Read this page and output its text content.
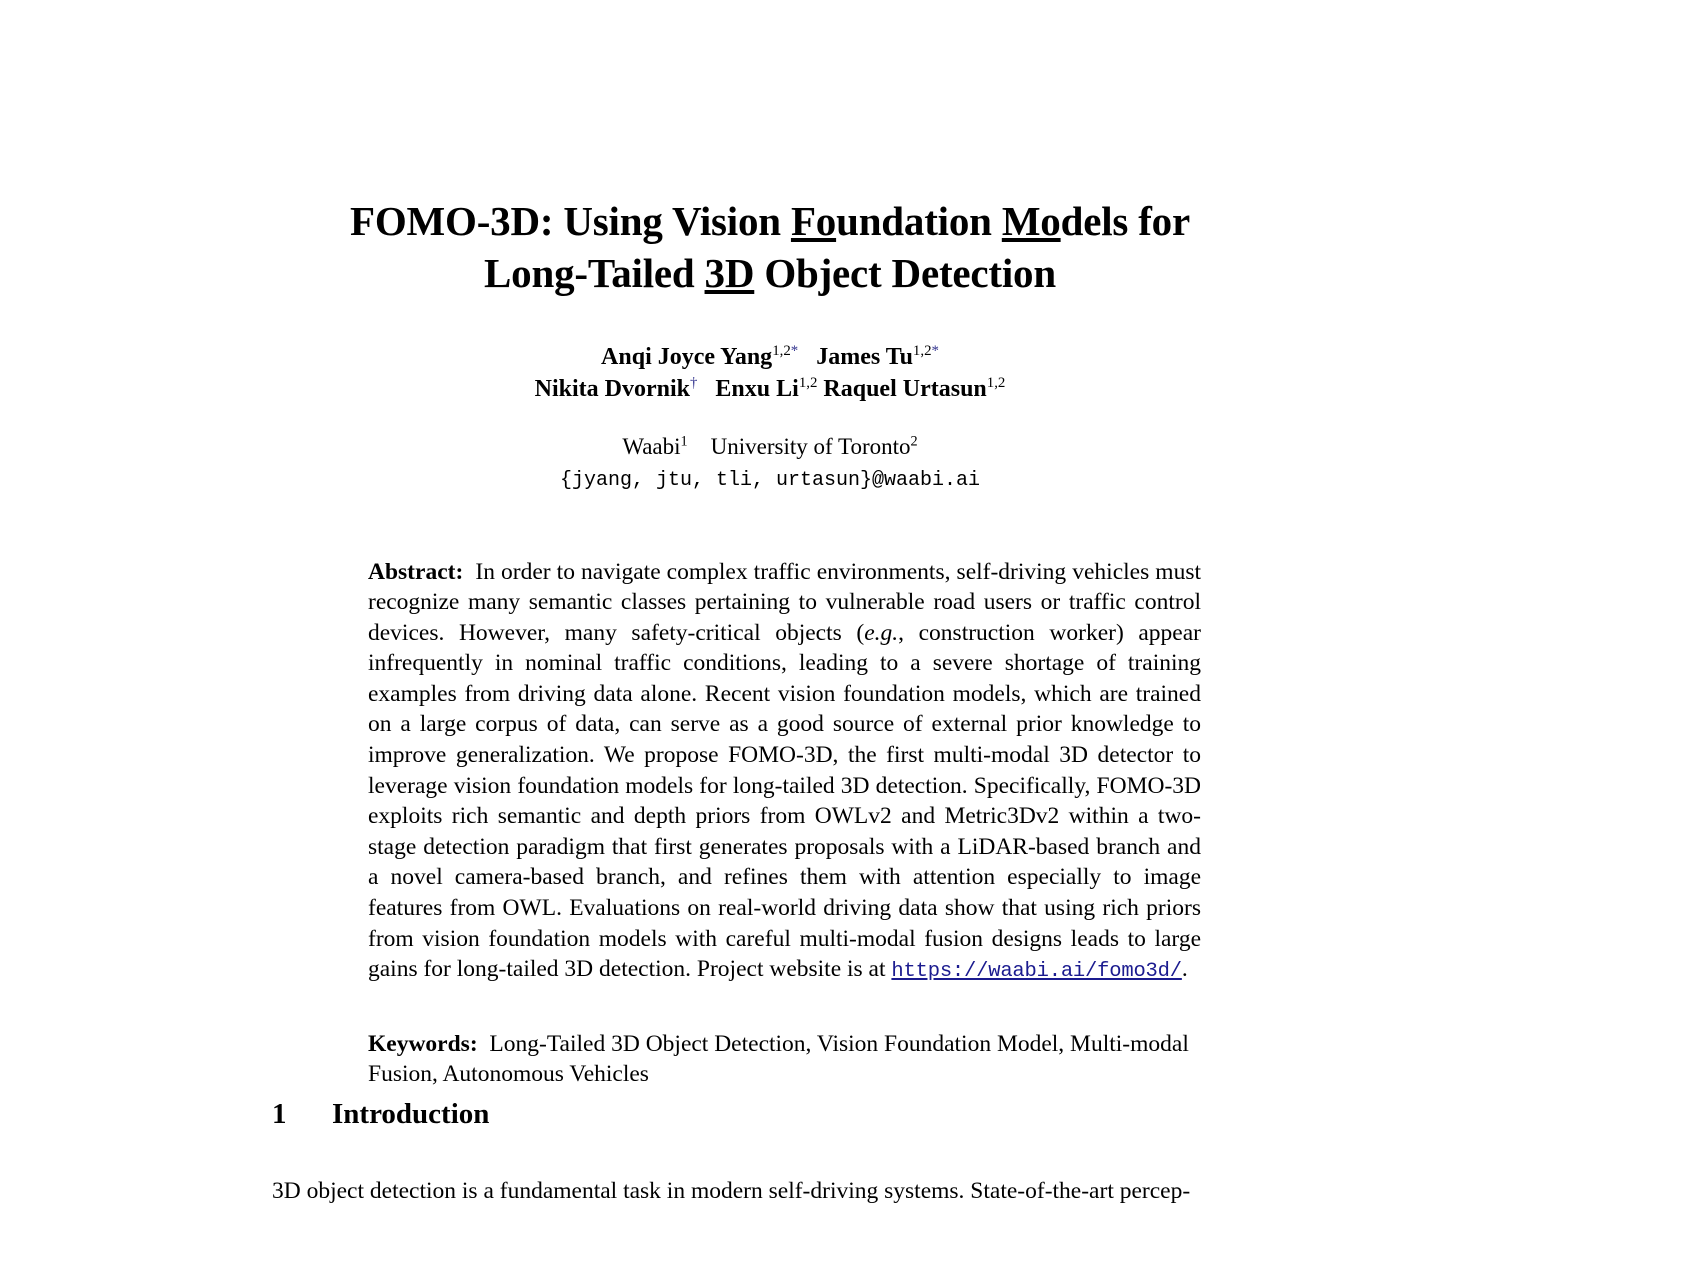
FOMO-3D: Using Vision Foundation Models for
Long-Tailed 3D Object Detection
Anqi Joyce Yang$^{1,2*}$ James $Tu^{1,2*}$
Nikita Dvornik† Enxu Li$^{1,2}$ Raquel Urtasun$^{1,2}$
Waabi$^1$ University of Toronto$^2$
{jyang, jtu, tli, urtasun}@waabi.ai

Abstract: In order to navigate complex traffic environments, self-driving vehicles must recognize many semantic classes pertaining to vulnerable road users or traffic control devices. However, many safety-critical objects (e.g., construction worker) appear infrequently in nominal traffic conditions, leading to a severe shortage of training examples from driving data alone. Recent vision foundation models, which are trained on a large corpus of data, can serve as a good source of external prior knowledge to improve generalization. We propose FOMO-3D, the first multi-modal 3D detector to leverage vision foundation models for long-tailed 3D detection. Specifically, FOMO-3D exploits rich semantic and depth priors from OWLv2 and Metric3Dv2 within a two-stage detection paradigm that first generates proposals with a LiDAR-based branch and a novel camera-based branch, and refines them with attention especially to image features from OWL. Evaluations on real-world driving data show that using rich priors from vision foundation models with careful multi-modal fusion designs leads to large gains for long-tailed 3D detection. Project website is at https://waabi.ai/fomo3d/.

Keywords: Long-Tailed 3D Object Detection, Vision Foundation Model, Multi-modal Fusion, Autonomous Vehicles

1 Introduction

3D object detection is a fundamental task in modern self-driving systems. State-of-the-art percep-
